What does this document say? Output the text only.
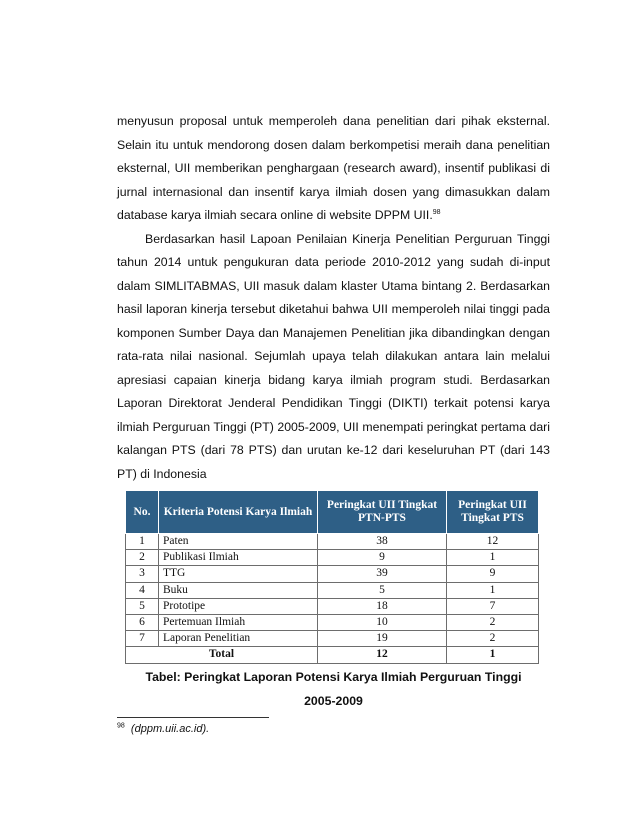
menyusun proposal untuk memperoleh dana penelitian dari pihak eksternal. Selain itu untuk mendorong dosen dalam berkompetisi meraih dana penelitian eksternal, UII memberikan penghargaan (research award), insentif publikasi di jurnal internasional dan insentif karya ilmiah dosen yang dimasukkan dalam database karya ilmiah secara online di website DPPM UII.$^{98}$

Berdasarkan hasil Lapoan Penilaian Kinerja Penelitian Perguruan Tinggi tahun 2014 untuk pengukuran data periode 2010-2012 yang sudah di-input dalam SIMLITABMAS, UII masuk dalam klaster Utama bintang 2. Berdasarkan hasil laporan kinerja tersebut diketahui bahwa UII memperoleh nilai tinggi pada komponen Sumber Daya dan Manajemen Penelitian jika dibandingkan dengan rata-rata nilai nasional. Sejumlah upaya telah dilakukan antara lain melalui apresiasi capaian kinerja bidang karya ilmiah program studi. Berdasarkan Laporan Direktorat Jenderal Pendidikan Tinggi (DIKTI) terkait potensi karya ilmiah Perguruan Tinggi (PT) 2005-2009, UII menempati peringkat pertama dari kalangan PTS (dari 78 PTS) dan urutan ke-12 dari keseluruhan PT (dari 143 PT) di Indonesia

No.	Kriteria Potensi Karya Ilmiah	Peringkat UII Tingkat PTN-PTS	Peringkat UII Tingkat PTS
1	Paten	38	12
2	Publikasi Ilmiah	9	1
3	TTG	39	9
4	Buku	5	1
5	Prototipe	18	7
6	Pertemuan Ilmiah	10	2
7	Laporan Penelitian	19	2
Total		12	1

Tabel: Peringkat Laporan Potensi Karya Ilmiah Perguruan Tinggi

2005-2009

$^{98}$ (dppm.uii.ac.id).
